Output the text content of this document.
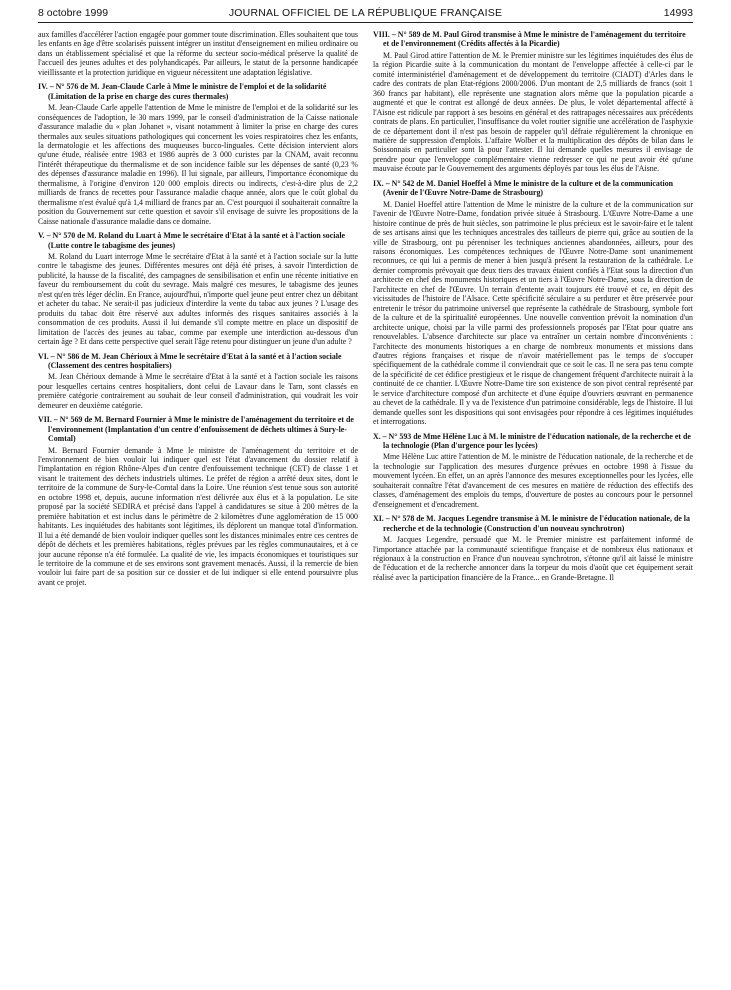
8 octobre 1999	JOURNAL OFFICIEL DE LA RÉPUBLIQUE FRANÇAISE	14993

aux familles d'accélérer l'action engagée pour gommer toute discrimination. Elles souhaitent que tous les enfants en âge d'être scolarisés puissent intégrer un institut d'enseignement en milieu ordinaire ou dans un établissement spécialisé et que la réforme du secteur socio-médical préserve la qualité de l'accueil des jeunes adultes et des polyhandicapés. Par ailleurs, le statut de la personne handicapée vieillissante et la protection juridique en vigueur nécessitent une adaptation législative.

IV. – N° 576 de M. Jean-Claude Carle à Mme le ministre de l'emploi et de la solidarité (Limitation de la prise en charge des cures thermales)

M. Jean-Claude Carle appelle l'attention de Mme le ministre de l'emploi et de la solidarité sur les conséquences de l'adoption, le 30 mars 1999, par le conseil d'administration de la Caisse nationale d'assurance maladie du « plan Johanet », visant notamment à limiter la prise en charge des cures thermales aux seules situations pathologiques qui concernent les voies respiratoires chez les enfants, la dermatologie et les affections des muqueuses bucco-linguales. Cette décision intervient alors qu'une étude, réalisée entre 1983 et 1986 auprès de 3 000 curistes par la CNAM, avait reconnu l'intérêt thérapeutique du thermalisme et de son incidence faible sur les dépenses de santé (0,23 % des dépenses d'assurance maladie en 1996). Il lui signale, par ailleurs, l'importance économique du thermalisme, à l'origine d'environ 120 000 emplois directs ou indirects, c'est-à-dire plus de 2,2 milliards de francs de recettes pour l'assurance maladie chaque année, alors que le coût global du thermalisme n'est évalué qu'à 1,4 milliard de francs par an. C'est pourquoi il souhaiterait connaître la position du Gouvernement sur cette question et savoir s'il envisage de suivre les propositions de la Caisse nationale d'assurance maladie dans ce domaine.

V. – N° 570 de M. Roland du Luart à Mme le secrétaire d'Etat à la santé et à l'action sociale (Lutte contre le tabagisme des jeunes)

M. Roland du Luart interroge Mme le secrétaire d'Etat à la santé et à l'action sociale sur la lutte contre le tabagisme des jeunes. Différentes mesures ont déjà été prises, à savoir l'interdiction de publicité, la hausse de la fiscalité, des campagnes de sensibilisation et enfin une récente initiative en faveur du remboursement du coût du sevrage. Mais malgré ces mesures, le tabagisme des jeunes n'est qu'en très léger déclin. En France, aujourd'hui, n'importe quel jeune peut entrer chez un débitant et acheter du tabac. Ne serait-il pas judicieux d'interdire la vente du tabac aux jeunes ? L'usage des produits du tabac doit être réservé aux adultes informés des risques sanitaires associés à la consommation de ces produits. Aussi il lui demande s'il compte mettre en place un dispositif de limitation de l'accès des jeunes au tabac, comme par exemple une interdiction au-dessous d'un certain âge ? Et dans cette perspective quel serait l'âge retenu pour distinguer un jeune d'un adulte ?

VI. – N° 586 de M. Jean Chérioux à Mme le secrétaire d'Etat à la santé et à l'action sociale (Classement des centres hospitaliers)

M. Jean Chérioux demande à Mme le secrétaire d'Etat à la santé et à l'action sociale les raisons pour lesquelles certains centres hospitaliers, dont celui de Lavaur dans le Tarn, sont classés en première catégorie contrairement au souhait de leur conseil d'administration, qui voudrait les voir demeurer en deuxième catégorie.

VII. – N° 569 de M. Bernard Fournier à Mme le ministre de l'aménagement du territoire et de l'environnement (Implantation d'un centre d'enfouissement de déchets ultimes à Sury-le-Comtal)

M. Bernard Fournier demande à Mme le ministre de l'aménagement du territoire et de l'environnement de bien vouloir lui indiquer quel est l'état d'avancement du dossier relatif à l'implantation en région Rhône-Alpes d'un centre d'enfouissement technique (CET) de classe 1 et visant le traitement des déchets industriels ultimes. Le préfet de région a arrêté deux sites, dont le territoire de la commune de Sury-le-Comtal dans la Loire. Une réunion s'est tenue sous son autorité en octobre 1998 et, depuis, aucune information n'est délivrée aux élus et à la population. Le site proposé par la société SEDIRA et précisé dans l'appel à candidatures se situe à 200 mètres de la première habitation et est inclus dans le périmètre de 2 kilomètres d'une agglomération de 15 000 habitants. Les inquiétudes des habitants sont légitimes, ils déplorent un manque total d'information. Il lui a été demandé de bien vouloir indiquer quelles sont les distances minimales entre ces centres de dépôt de déchets et les premières habitations, règles prévues par les règles communautaires, et à ce jour aucune réponse n'a été formulée. La qualité de vie, les impacts économiques et touristiques sur le territoire de la commune et de ses environs sont gravement menacés. Aussi, il la remercie de bien vouloir lui faire part de sa position sur ce dossier et de lui indiquer si elle entend poursuivre plus avant ce projet.

VIII. – N° 589 de M. Paul Girod transmise à Mme le ministre de l'aménagement du territoire et de l'environnement (Crédits affectés à la Picardie)

M. Paul Girod attire l'attention de M. le Premier ministre sur les légitimes inquiétudes des élus de la région Picardie suite à la communication du montant de l'enveloppe affectée à celle-ci par le comité interministériel d'aménagement et de développement du territoire (CIADT) d'Arles dans le cadre des contrats de plan Etat-régions 2000/2006. D'un montant de 2,5 milliards de francs (soit 1 360 francs par habitant), elle représente une stagnation alors même que la population picarde a augmenté et que le contrat est allongé de deux années. De plus, le volet départemental affecté à l'Aisne est ridicule par rapport à ses besoins en général et des rattrapages nécessaires aux précédents contrats de plans. En particulier, l'insuffisance du volet routier signifie une accélération de l'asphyxie de ce département dont il n'est pas besoin de rappeler qu'il défraie régulièrement la chronique en matière de suppression d'emplois. L'affaire Wolber et la multiplication des dépôts de bilan dans le Soissonnais en particulier sont là pour l'attester. Il lui demande quelles mesures il envisage de prendre pour que l'enveloppe complémentaire vienne redresser ce qui ne peut avoir été qu'une mauvaise écoute par le Gouvernement des arguments déployés par tous les élus de l'Aisne.

IX. – N° 542 de M. Daniel Hoeffel à Mme le ministre de la culture et de la communication (Avenir de l'Œuvre Notre-Dame de Strasbourg)

M. Daniel Hoeffel attire l'attention de Mme le ministre de la culture et de la communication sur l'avenir de l'Œuvre Notre-Dame, fondation privée située à Strasbourg. L'Œuvre Notre-Dame a une histoire continue de près de huit siècles, son patrimoine le plus précieux est le savoir-faire et le talent de ses artisans ainsi que les techniques ancestrales des tailleurs de pierre qui, grâce au soutien de la ville de Strasbourg, ont pu pérenniser les techniques anciennes abandonnées, ailleurs, pour des raisons économiques. Les compétences techniques de l'Œuvre Notre-Dame sont unanimement reconnues, ce qui lui a permis de mener à bien jusqu'à présent la restauration de la cathédrale. Le dernier compromis prévoyait que deux tiers des travaux étaient confiés à l'Etat sous la direction d'un architecte en chef des monuments historiques et un tiers à l'Œuvre Notre-Dame, sous la direction de l'architecte en chef de l'Œuvre. Un terrain d'entente avait toujours été trouvé et ce, en dépit des vicissitudes de l'histoire de l'Alsace. Cette spécificité séculaire a su perdurer et être préservée pour entretenir le trésor du patrimoine universel que représente la cathédrale de Strasbourg, symbole fort de la culture et de la spiritualité européennes. Une nouvelle convention prévoit la nomination d'un architecte unique, choisi par la ville parmi des professionnels proposés par l'Etat pour quatre ans renouvelables. L'absence d'architecte sur place va entraîner un certain nombre d'inconvénients : l'architecte des monuments historiques a en charge de nombreux monuments et missions dans d'autres régions françaises et risque de n'avoir matériellement pas le temps de s'occuper spécifiquement de la cathédrale comme il conviendrait que ce soit le cas. Il ne sera pas tenu compte de la spécificité de cet édifice prestigieux et le risque de changement fréquent d'architecte nuirait à la continuité de ce chantier. L'Œuvre Notre-Dame tire son existence de son pivot central représenté par le service d'architecture composé d'un architecte et d'une équipe d'ouvriers œuvrant en permanence au chevet de la cathédrale. Il y va de l'existence d'un patrimoine considérable, legs de l'histoire. Il lui demande quelles sont les dispositions qui sont envisagées pour répondre à ces légitimes inquiétudes et interrogations.

X. – N° 593 de Mme Hélène Luc à M. le ministre de l'éducation nationale, de la recherche et de la technologie (Plan d'urgence pour les lycées)

Mme Hélène Luc attire l'attention de M. le ministre de l'éducation nationale, de la recherche et de la technologie sur l'application des mesures d'urgence prévues en octobre 1998 à l'issue du mouvement lycéen. En effet, un an après l'annonce des mesures exceptionnelles pour les lycées, elle souhaiterait connaître l'état d'avancement de ces mesures en matière de réduction des effectifs des classes, d'aménagement des emplois du temps, d'ouverture de postes au concours pour le personnel d'enseignement et d'encadrement.

XI. – N° 578 de M. Jacques Legendre transmise à M. le ministre de l'éducation nationale, de la recherche et de la technologie (Construction d'un nouveau synchrotron)

M. Jacques Legendre, persuadé que M. le Premier ministre est parfaitement informé de l'importance attachée par la communauté scientifique française et de nombreux élus nationaux et régionaux à la construction en France d'un nouveau synchrotron, s'étonne qu'il ait laissé le ministre de l'éducation et de la recherche annoncer dans la torpeur du mois d'août que cet équipement serait réalisé avec la participation financière de la France... en Grande-Bretagne. Il
